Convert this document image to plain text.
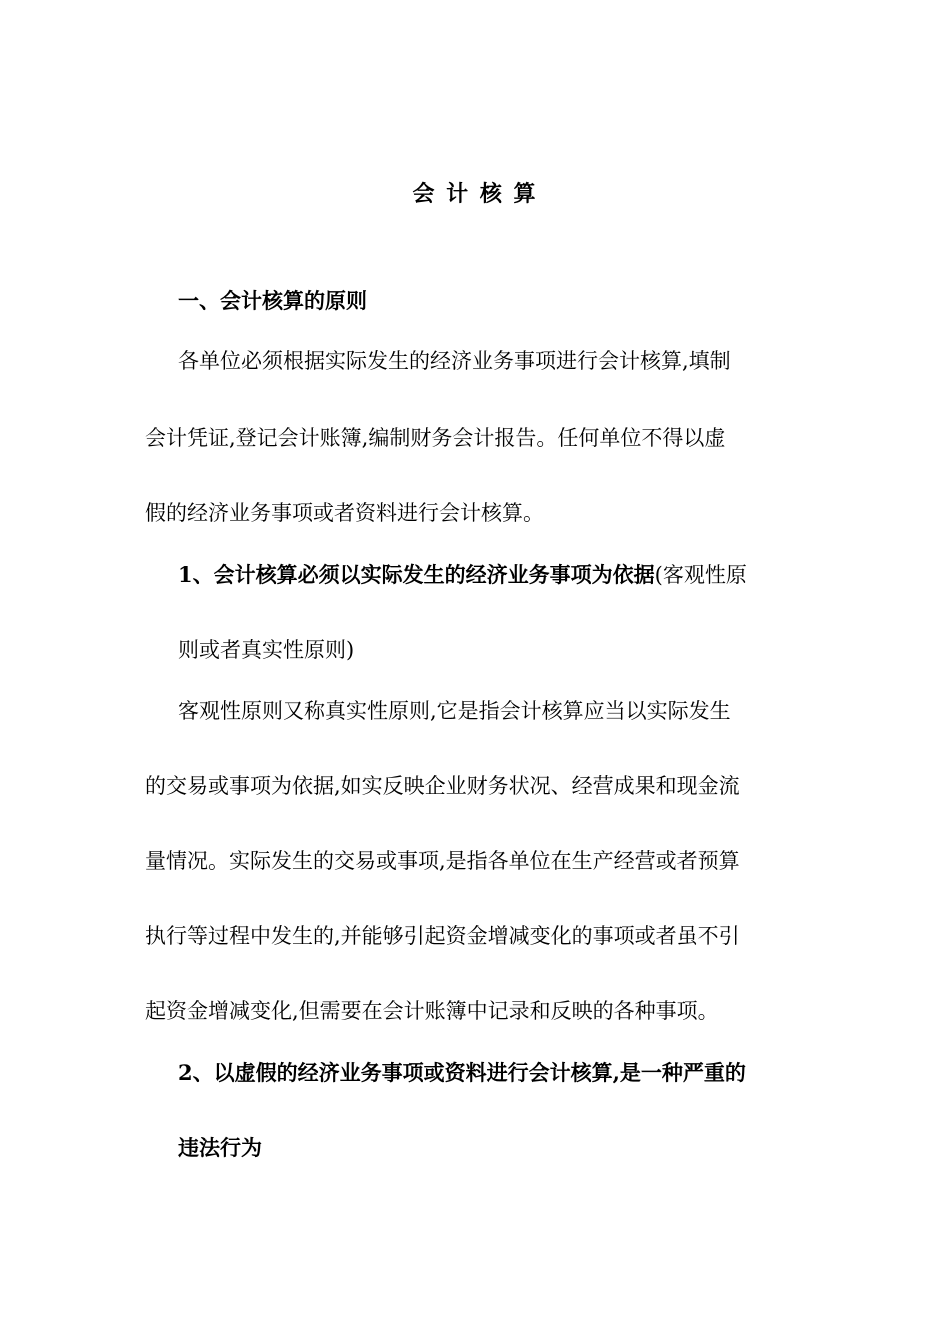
会 计 核 算

一、会计核算的原则

各单位必须根据实际发生的经济业务事项进行会计核算,填制

会计凭证,登记会计账簿,编制财务会计报告。任何单位不得以虚

假的经济业务事项或者资料进行会计核算。

1、会计核算必须以实际发生的经济业务事项为依据(客观性原

则或者真实性原则)

客观性原则又称真实性原则,它是指会计核算应当以实际发生

的交易或事项为依据,如实反映企业财务状况、经营成果和现金流

量情况。实际发生的交易或事项,是指各单位在生产经营或者预算

执行等过程中发生的,并能够引起资金增减变化的事项或者虽不引

起资金增减变化,但需要在会计账簿中记录和反映的各种事项。

2、以虚假的经济业务事项或资料进行会计核算,是一种严重的

违法行为
